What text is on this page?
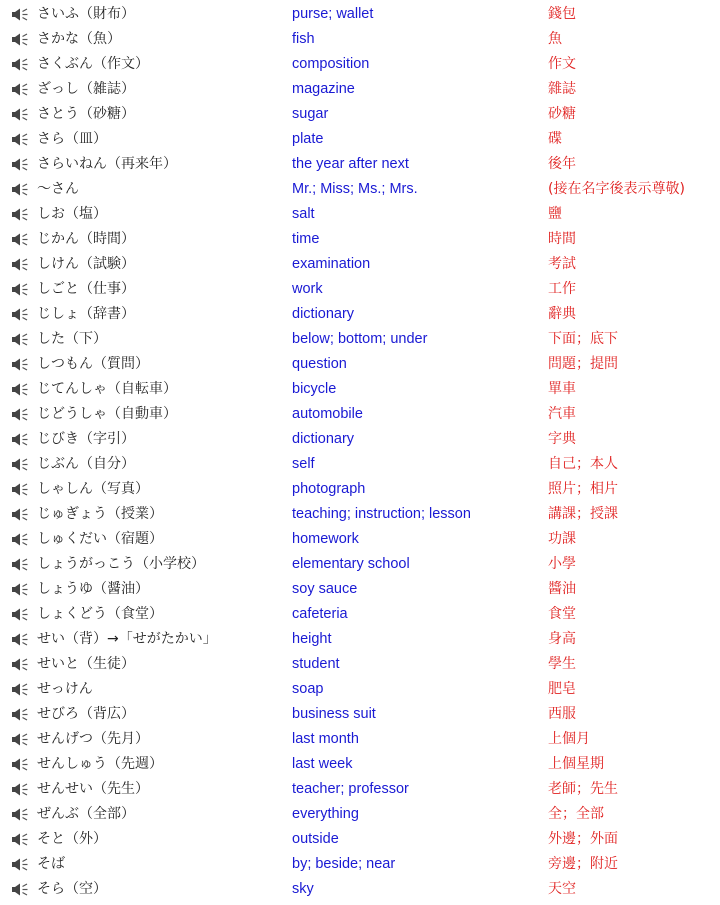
さいふ（財布）	purse; wallet	錢包
さかな（魚）	fish	魚
さくぶん（作文）	composition	作文
ざっし（雑誌）	magazine	雜誌
さとう（砂糖）	sugar	砂糖
さら（皿）	plate	碟
さらいねん（再来年）	the year after next	後年
～さん	Mr.; Miss; Ms.; Mrs.	(接在名字後表示尊敬)
しお（塩）	salt	鹽
じかん（時間）	time	時間
しけん（試験）	examination	考試
しごと（仕事）	work	工作
じしょ（辞書）	dictionary	辭典
した（下）	below; bottom; under	下面；底下
しつもん（質問）	question	問題；提問
じてんしゃ（自転車）	bicycle	單車
じどうしゃ（自動車）	automobile	汽車
じびき（字引）	dictionary	字典
じぶん（自分）	self	自己；本人
しゃしん（写真）	photograph	照片；相片
じゅぎょう（授業）	teaching; instruction; lesson	講課；授課
しゅくだい（宿題）	homework	功課
しょうがっこう（小学校）	elementary school	小學
しょうゆ（醤油）	soy sauce	醬油
しょくどう（食堂）	cafeteria	食堂
せい（背）→「せがたかい」	height	身高
せいと（生徒）	student	學生
せっけん	soap	肥皂
せびろ（背広）	business suit	西服
せんげつ（先月）	last month	上個月
せんしゅう（先週）	last week	上個星期
せんせい（先生）	teacher; professor	老師；先生
ぜんぶ（全部）	everything	全；全部
そと（外）	outside	外邊；外面
そば	by; beside; near	旁邊；附近
そら（空）	sky	天空
